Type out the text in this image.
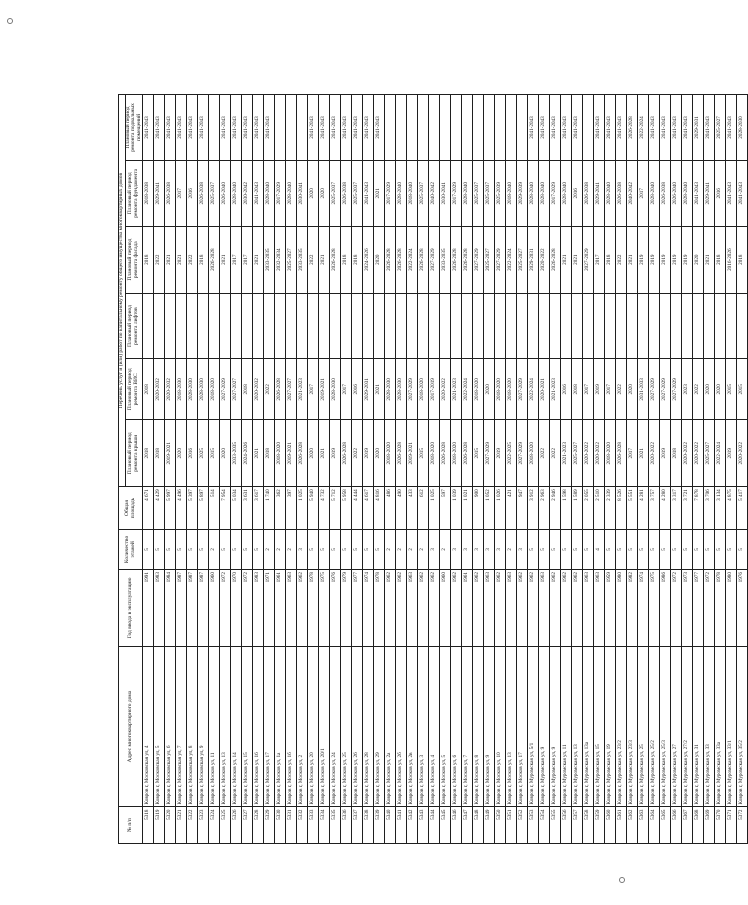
№ п/п	Адрес многоквартирного дома	Год ввода в эксплуатацию	Количество этажей	Общая площадь	Перечень услуг и (или) работ по капитальному ремонту общего имущества многоквартирных домов					
					Плановый период ремонта крыши	Плановый период ремонта ВИС	Плановый период ремонта лифтов	Плановый период ремонта фасада	Плановый период ремонта фундамента	Плановый период ремонта подвальных помещений
5318	Ковров г, Московская ул, 4	1991	5	4 671	2018	2018		2018	2018-2038	2041-2043
5319	Ковров г, Московская ул, 5	1983	5	4 429	2018	2020-2032		2022	2029-2041	2041-2043
5320	Ковров г, Московская ул, 6	1984	5	5 997	2019-2021	2020-2032		2021	2026-2038	2041-2043
5321	Ковров г, Московская ул, 7	1987	5	4 496	2020	2018-2030		2021	2017	2041-2043
5322	Ковров г, Московская ул, 8	1987	5	5 397	2016	2028-2030		2022	2016	2041-2043
5323	Ковров г, Московская ул, 9	1987	5	5 897	2025	2028-2030		2018	2026-2038	2041-2043
5324	Ковров г, Москов ул, 11	1960	2	514	2015	2018-2020		2026-2028	2025-2037	
5325	Ковров г, Москов ул, 13	1972	5	7 954	2020	2027-2029		2021	2026-2040	2041-2043
5326	Ковров г, Москов ул, 14	1970	5	5 034	2033-2035	2027-2027		2017	2028-2040	2041-2043
5327	Ковров г, Москов ул, 15	1972	5	3 631	2024-2026	2018		2017	2030-2042	2041-2043
5328	Ковров г, Москов ул, 16	1983	5	3 617	2021	2020-2032		2021	2041-2043	2041-2043
5329	Ковров г, Москов ул, 17	1971	2	1 740	2018	2022		2033-2035	2028-2040	2041-2043
5330	Ковров г, Москов ул, 1а	1961	2	362	2018-2020	2026-2028		2032-2034	2017-2029	
5331	Ковров г, Москов ул, 1б	1963	2	397	2019-2021	2027-2027		2025-2027	2028-2040	
5332	Ковров г, Москов ул, 2	1962	3	1 025	2026-2028	2021-2023		2033-2035	2030-2041	
5333	Ковров г, Москов ул, 20	1978	5	5 940	2020	2017		2022	2020	2041-2043
5334	Ковров г, Москов ул, 20/1	1975	5	4 732	2021	2019-2021		2021	2020	2041-2043
5335	Ковров г, Москов ул, 24	1976	5	5 712	2019	2028-2030		2026-2028	2025-2037	2041-2043
5336	Ковров г, Москов ул, 25	1979	5	5 958	2026-2028	2017		2018	2026-2038	2041-2043
5337	Ковров г, Москов ул, 26	1977	5	4 444	2022	2016		2018	2025-2037	2041-2043
5338	Ковров г, Москов ул, 28	1974	5	4 617	2019	2029-2031		2024-2026	2041-2043	2041-2043
5339	Ковров г, Москов ул, 29	1978	5	4 816	2020	2021		2020	2021	2041-2043
5340	Ковров г, Москов ул, 2а	1962	2	486	2018-2020	2028-2030		2026-2028	2017-2029	
5341	Ковров г, Москов ул, 2б	1962	2	490	2026-2028	2028-2030		2026-2028	2028-2040	
5342	Ковров г, Москов ул, 2в	1963	2	433	2019-2021	2027-2029		2022-2024	2018-2040	
5343	Ковров г, Москов ул, 3	1962	2	612	2015	2018-2020		2026-2028	2025-2037	
5344	Ковров г, Москов ул, 4	1962	3	1 025	2018-2020	2017-2019		2027-2029	2040-2042	
5345	Ковров г, Москов ул, 5	1960	2	597	2026-2028	2020-2022		2033-2035	2030-2041	
5346	Ковров г, Москов ул, 6	1962	3	1 039	2018-2020	2021-2023		2026-2028	2017-2029	
5347	Ковров г, Москов ул, 7	1961	3	1 021	2026-2028	2022-2024		2026-2028	2028-2040	
5348	Ковров г, Москов ул, 8	1962	3	900	2015	2018-2020		2027-2029	2025-2037	
5349	Ковров г, Москов ул, 9	1963	3	1 052	2027-2029	2020		2025-2027	2025-2037	
5350	Ковров г, Москов ул, 10	1962	3	1 026	2019	2018-2020		2027-2029	2025-2039	
5351	Ковров г, Москов ул, 13	1963	2	421	2022-2025	2018-2020		2022-2024	2018-2040	
5352	Ковров г, Москов ул, 17	1962	3	947	2027-2029	2027-2029		2025-2027	2029-2039	
5353	Ковров г, Муромская ул, 5/1	1962	5	3 912	2018-2020	2022-2024		2029-2031	2028-2040	2041-2043
5354	Ковров г, Муромская ул, 9	1963	5	2 963	2022	2020-2021		2020-2022	2028-2040	2041-2043
5355	Ковров г, Муромская ул, 9	1962	5	2 946	2022	2021-2023		2026-2028	2017-2029	2041-2043
5356	Ковров г, Муромская ул, 11	1962	5	1 598	2021-2023	2016		2021	2028-2040	2041-2043
5357	Ковров г, Муромская ул, 13	1962	5	1 589	2025-2027	2018		2021	2016	2041-2043
5358	Ковров г, Муромская ул, 13а	1963	5	2 055	2020-2022	2017		2027-2029	2026-2038	
5359	Ковров г, Муромская ул, 15	1963	4	2 510	2020-2022	2019		2017	2029-2041	2041-2043
5360	Ковров г, Муромская ул, 19	1959	5	2 339	2018-2020	2017		2018	2028-2040	2041-2043
5361	Ковров г, Муромская ул, 23/2	1980	5	8 526	2026-2028	2022		2022	2026-2038	2041-2043
5362	Ковров г, Муромская ул, 23/3	1982	5	5 551	2017	2020		2021	2040-2042	2026-2028
5363	Ковров г, Муромская ул, 25	1974	5	4 281	2021	2031-2033		2019	2017	2022-2024
5364	Ковров г, Муромская ул, 25/2	1975	5	3 757	2020-2022	2027-2029		2019	2028-2040	2041-2043
5365	Ковров г, Муромская ул, 25/3	1986	5	4 280	2019	2027-2029		2019	2026-2038	2041-2043
5366	Ковров г, Муромская ул, 27	1972	5	3 317	2018	2027-2029		2019	2026-2040	2041-2043
5367	Ковров г, Муромская ул, 27/2	1973	5	3 721	2020-2022	2023		2019	2028-2040	2041-2043
5368	Ковров г, Муромская ул, 31	1977	5	7 878	2020-2022	2022		2020	2041-2043	2029-2031
5369	Ковров г, Муромская ул, 33	1972	5	3 706	2025-2027	2020		2021	2029-2041	2041-2043
5370	Ковров г, Муромская ул, 33а	1978	5	3 134	2022-2024	2020		2018	2016	2025-2027
5371	Ковров г, Муромская ул, 33/1	1980	5	4 875	2019	2015		2016-2026	2041-2043	2041-2043
5372	Ковров г, Муромская ул, 35/2	1976	5	5 417	2020-2022	2015		2018	2041-2043	2028-2030
